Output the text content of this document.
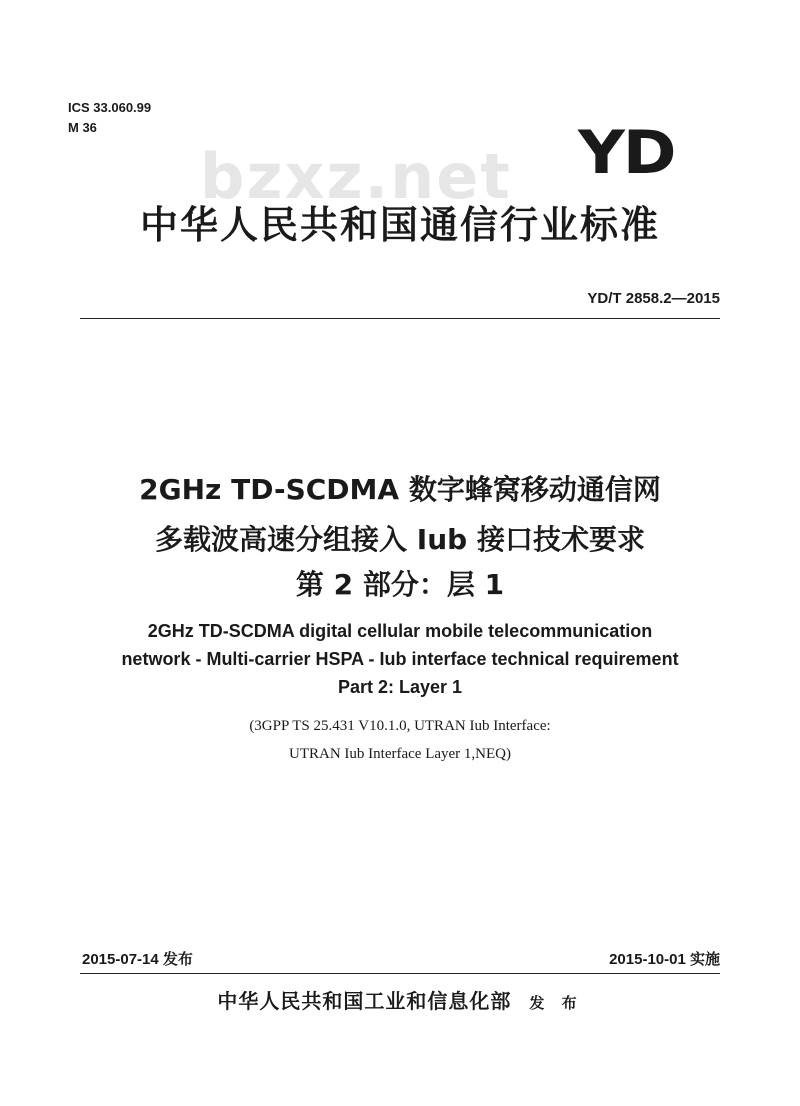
ICS 33.060.99
M 36
bzxz.net YD
中华人民共和国通信行业标准
YD/T 2858.2—2015
2GHz TD-SCDMA 数字蜂窝移动通信网
多载波高速分组接入 Iub 接口技术要求
第 2 部分：层 1
2GHz TD-SCDMA digital cellular mobile telecommunication
network - Multi-carrier HSPA - Iub interface technical requirement
Part 2: Layer 1
(3GPP TS 25.431 V10.1.0, UTRAN Iub Interface:
UTRAN Iub Interface Layer 1,NEQ)
2015-07-14 发布	2015-10-01 实施
中华人民共和国工业和信息化部 发 布
